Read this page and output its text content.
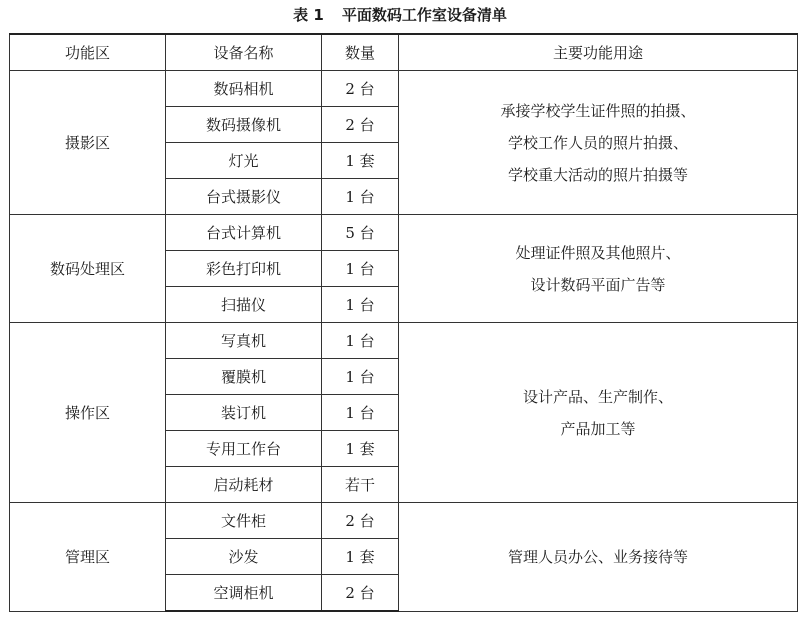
表 1 平面数码工作室设备清单
功能区	设备名称	数量	主要功能用途
摄影区	数码相机	2 台	承接学校学生证件照的拍摄、
学校工作人员的照片拍摄、
学校重大活动的照片拍摄等

	数码摄像机	2 台	
	灯光	1 套	
	台式摄影仪	1 台	
数码处理区	台式计算机	5 台	处理证件照及其他照片、
设计数码平面广告等

	彩色打印机	1 台	
	扫描仪	1 台	
操作区	写真机	1 台	设计产品、生产制作、
产品加工等

	覆膜机	1 台	
	装订机	1 台	
	专用工作台	1 套	
	启动耗材	若干	
管理区	文件柜	2 台	管理人员办公、业务接待等

	沙发	1 套	
	空调柜机	2 台	
